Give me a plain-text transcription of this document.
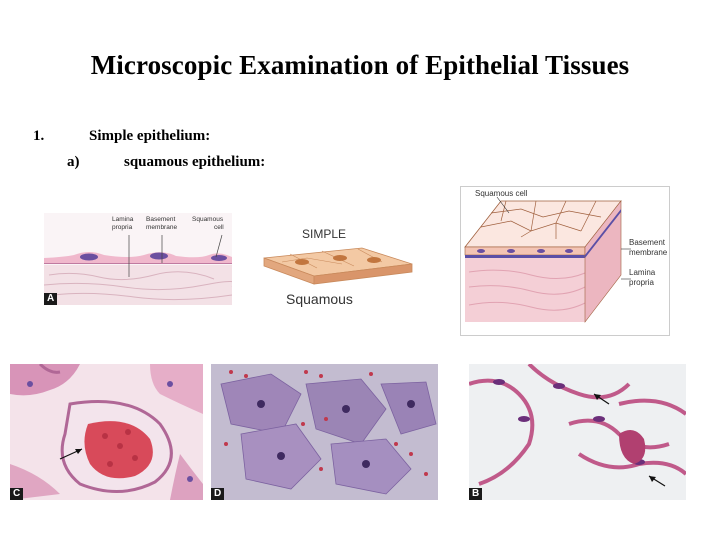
Microscopic Examination of Epithelial Tissues
1.	Simple epithelium:
a)	squamous epithelium:
Lamina
propria
Basement
membrane
Squamous
cell
A
SIMPLE
Squamous
Squamous cell
Basement
membrane
Lamina
propria
C	D	B
